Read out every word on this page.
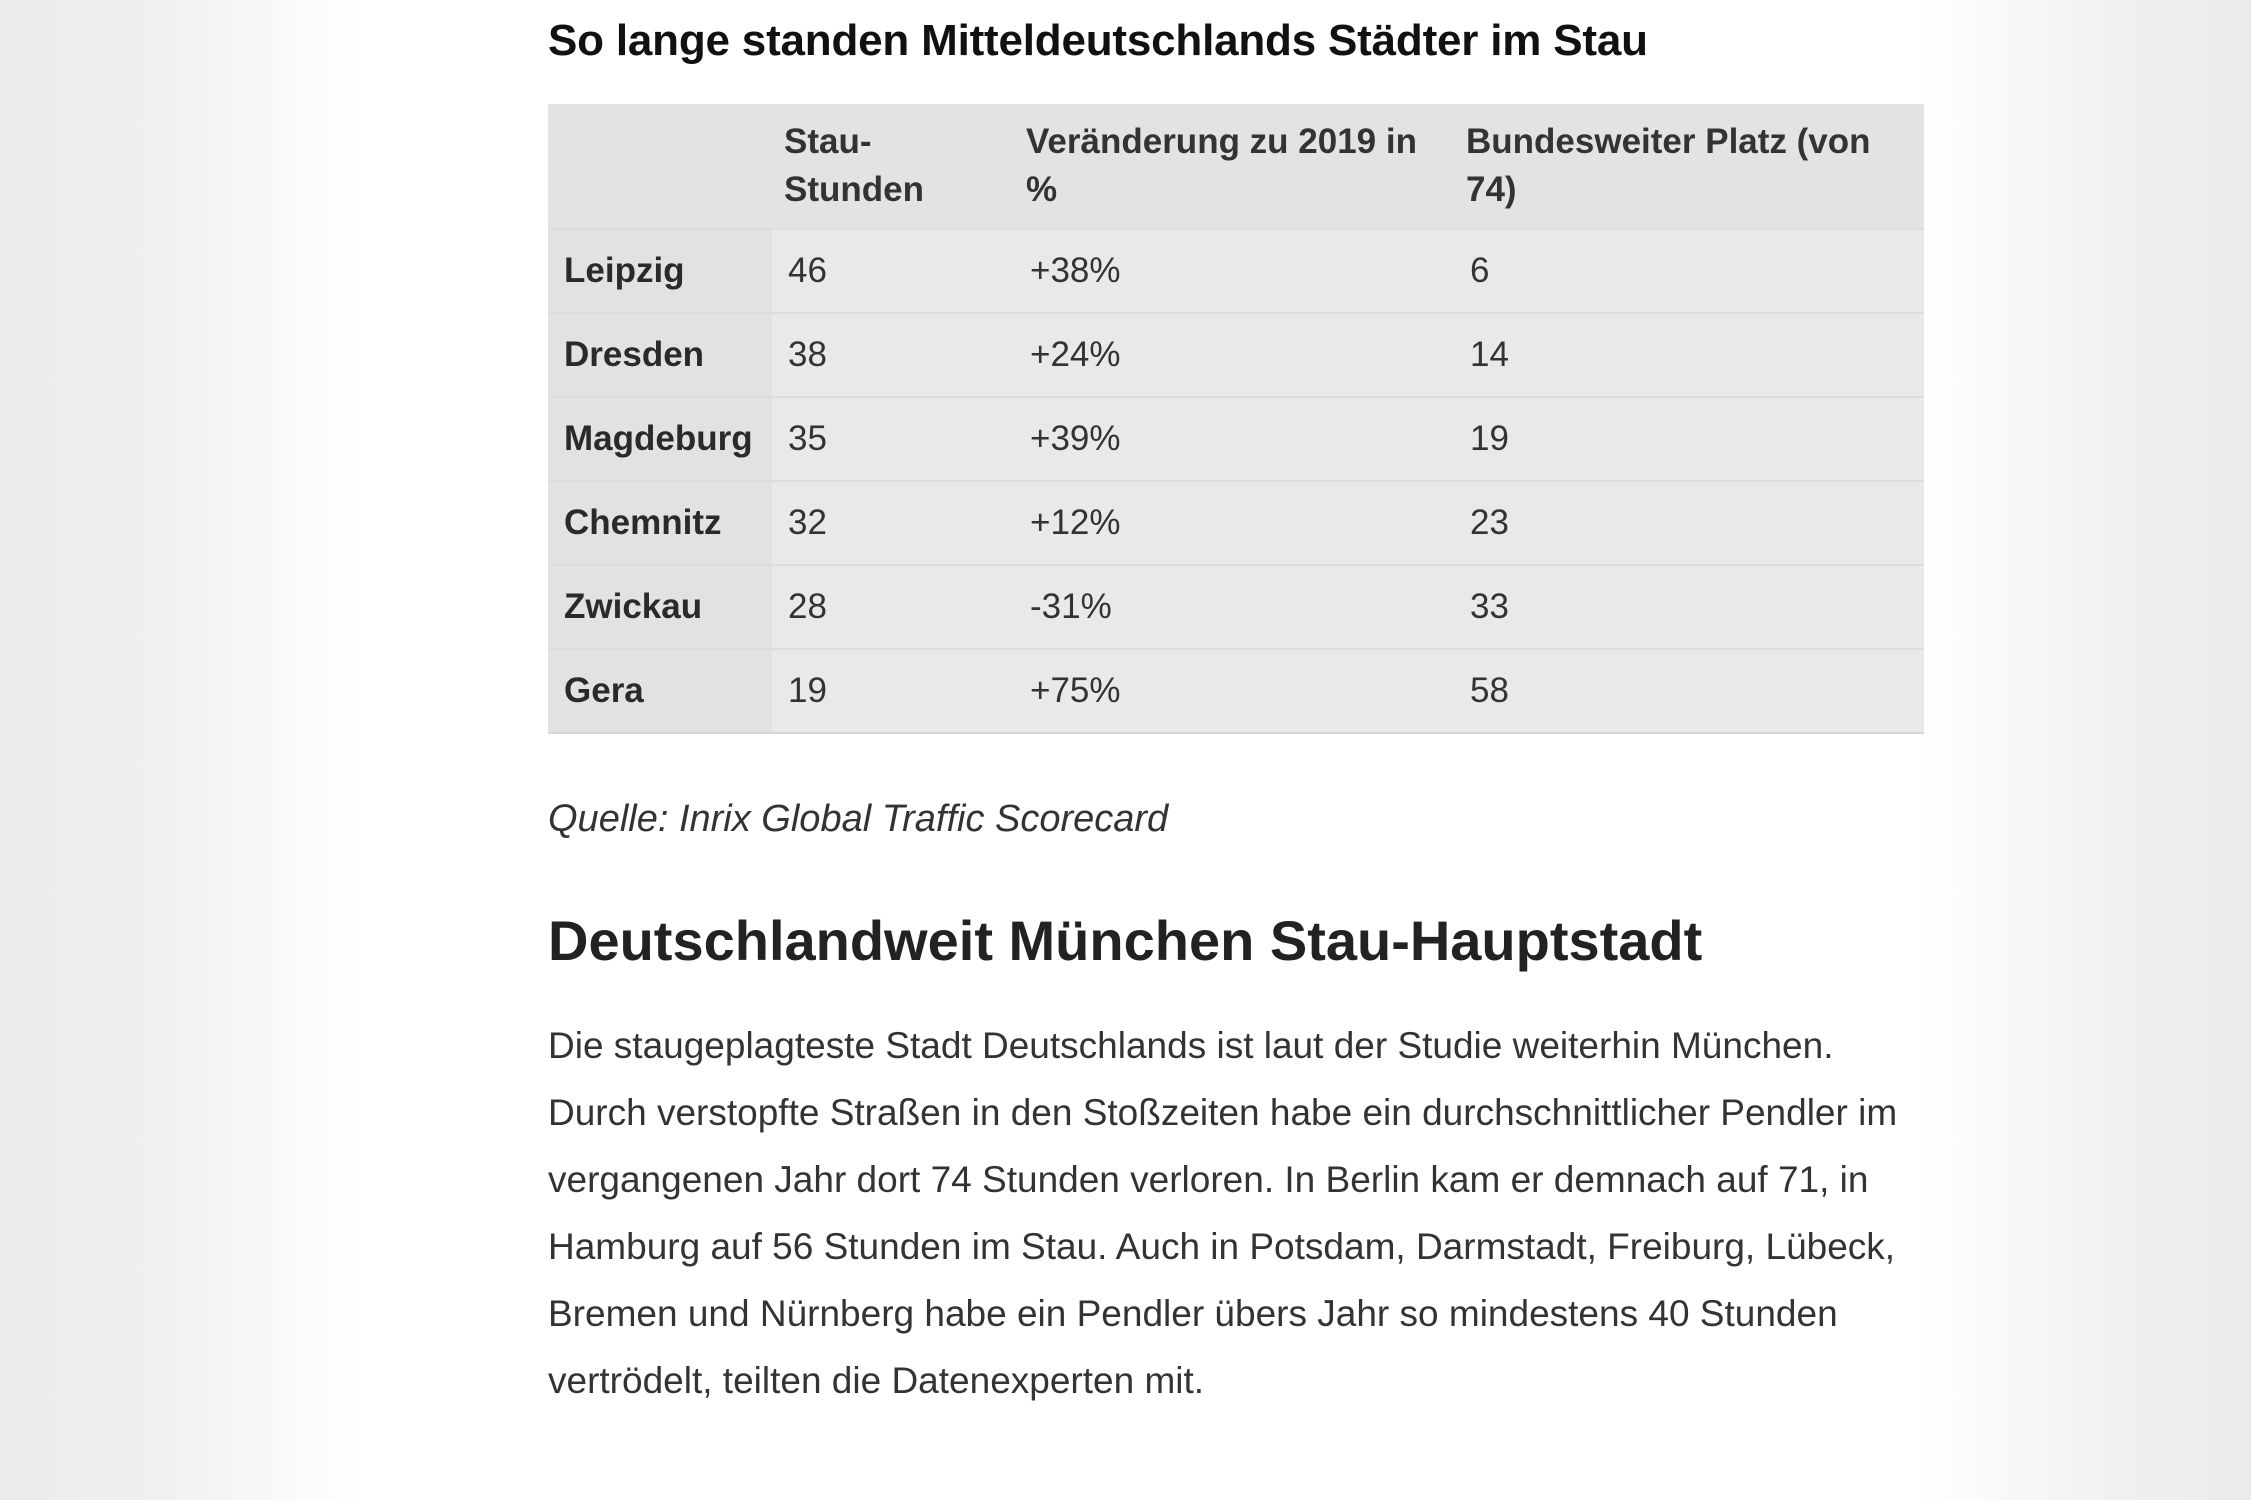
So lange standen Mitteldeutschlands Städter im Stau
	Stau-Stunden	Veränderung zu 2019 in %	Bundesweiter Platz (von 74)
Leipzig	46	+38%	6
Dresden	38	+24%	14
Magdeburg	35	+39%	19
Chemnitz	32	+12%	23
Zwickau	28	-31%	33
Gera	19	+75%	58

Quelle: Inrix Global Traffic Scorecard

Deutschlandweit München Stau-Hauptstadt

Die staugeplagteste Stadt Deutschlands ist laut der Studie weiterhin München. Durch verstopfte Straßen in den Stoßzeiten habe ein durchschnittlicher Pendler im vergangenen Jahr dort 74 Stunden verloren. In Berlin kam er demnach auf 71, in Hamburg auf 56 Stunden im Stau. Auch in Potsdam, Darmstadt, Freiburg, Lübeck, Bremen und Nürnberg habe ein Pendler übers Jahr so mindestens 40 Stunden vertrödelt, teilten die Datenexperten mit.
